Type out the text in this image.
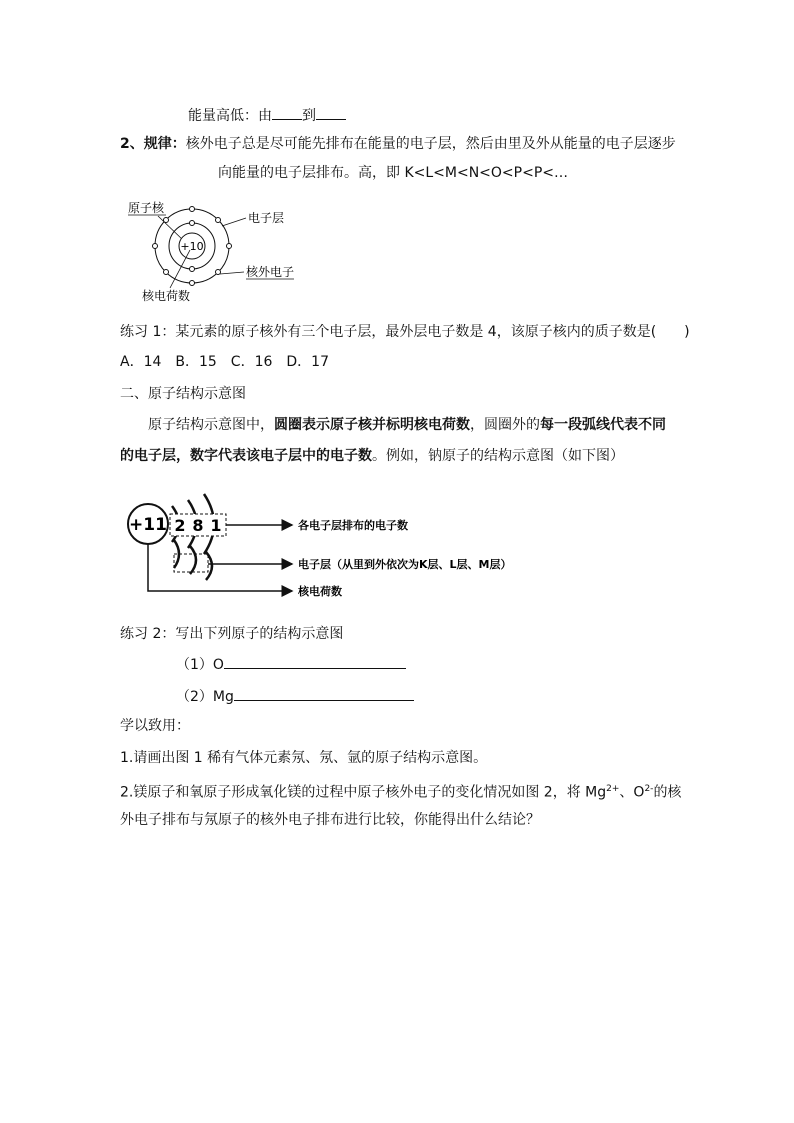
能量高低：由 到
2、规律：核外电子总是尽可能先排布在能量的电子层，然后由里及外从能量的电子层逐步
向能量的电子层排布。高，即 K<L<M<N<O<P<P<…
原子核
+10
电子层
核外电子
核电荷数
练习 1：某元素的原子核外有三个电子层，最外层电子数是 4，该原子核内的质子数是(　　)
A．14　B．15　C．16　D．17
二、原子结构示意图
原子结构示意图中，圆圈表示原子核并标明核电荷数，圆圈外的每一段弧线代表不同
的电子层，数字代表该电子层中的电子数。例如，钠原子的结构示意图（如下图）
+11 2 8 1	各电子层排布的电子数
电子层（从里到外依次为K层、L层、M层）
核电荷数
练习 2：写出下列原子的结构示意图
（1）O
（2）Mg
学以致用：
1.请画出图 1 稀有气体元素氖、氖、氩的原子结构示意图。
2.镁原子和氧原子形成氧化镁的过程中原子核外电子的变化情况如图 2，将 $Mg^{2+}$、$O^{2-}$的核
外电子排布与氖原子的核外电子排布进行比较，你能得出什么结论？
